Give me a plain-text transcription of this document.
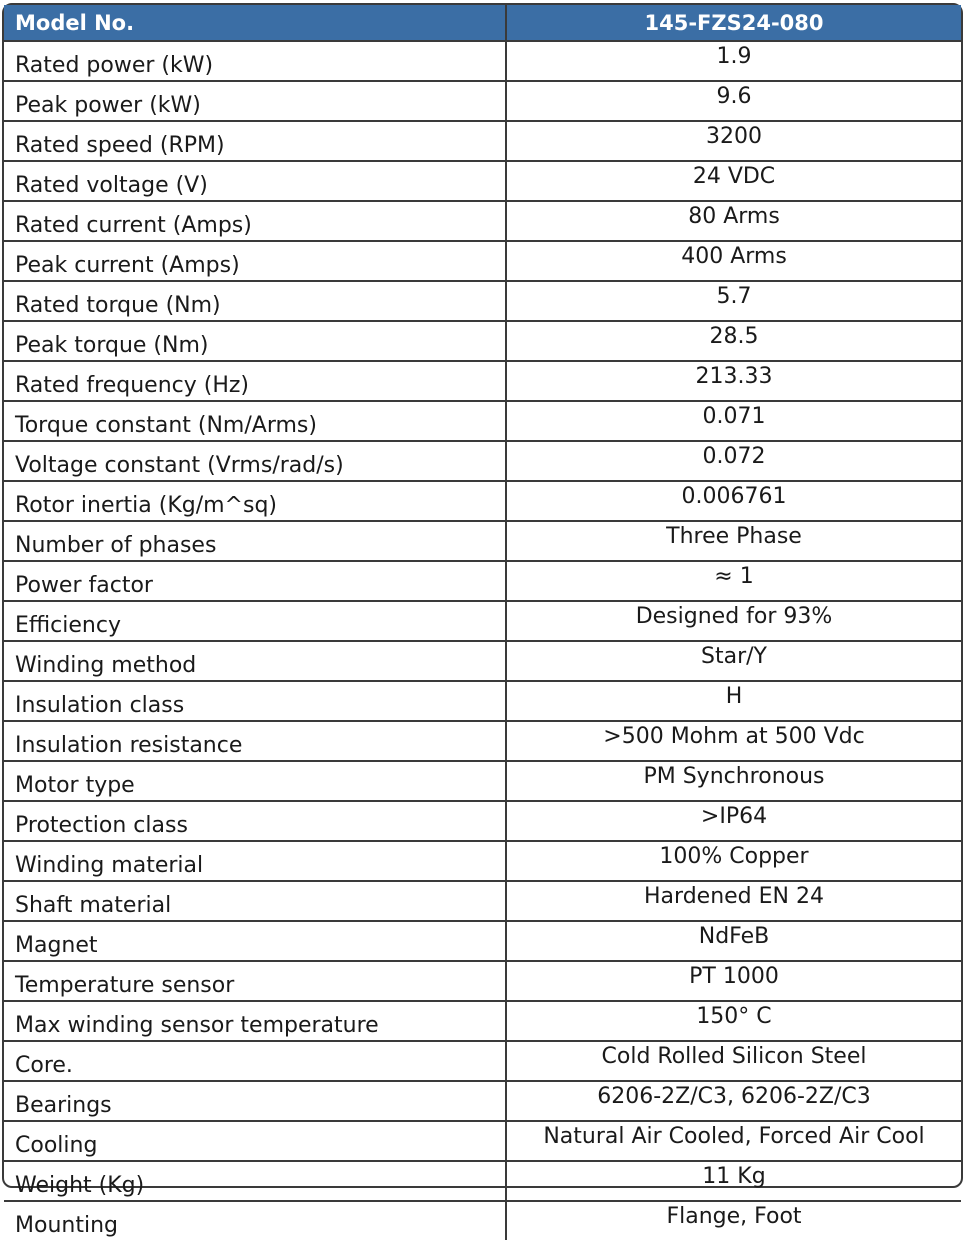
Model No.	145-FZS24-080
Rated power (kW)	1.9
Peak power (kW)	9.6
Rated speed (RPM)	3200
Rated voltage (V)	24 VDC
Rated current (Amps)	80 Arms
Peak current (Amps)	400 Arms
Rated torque (Nm)	5.7
Peak torque (Nm)	28.5
Rated frequency (Hz)	213.33
Torque constant (Nm/Arms)	0.071
Voltage constant (Vrms/rad/s)	0.072
Rotor inertia (Kg/m^sq)	0.006761
Number of phases	Three Phase
Power factor	≈ 1
Efficiency	Designed for 93%
Winding method	Star/Y
Insulation class	H
Insulation resistance	>500 Mohm at 500 Vdc
Motor type	PM Synchronous
Protection class	>IP64
Winding material	100% Copper
Shaft material	Hardened EN 24
Magnet	NdFeB
Temperature sensor	PT 1000
Max winding sensor temperature	150° C
Core.	Cold Rolled Silicon Steel
Bearings	6206-2Z/C3, 6206-2Z/C3
Cooling	Natural Air Cooled, Forced Air Cool
Weight (Kg)	11 Kg
Mounting	Flange, Foot
